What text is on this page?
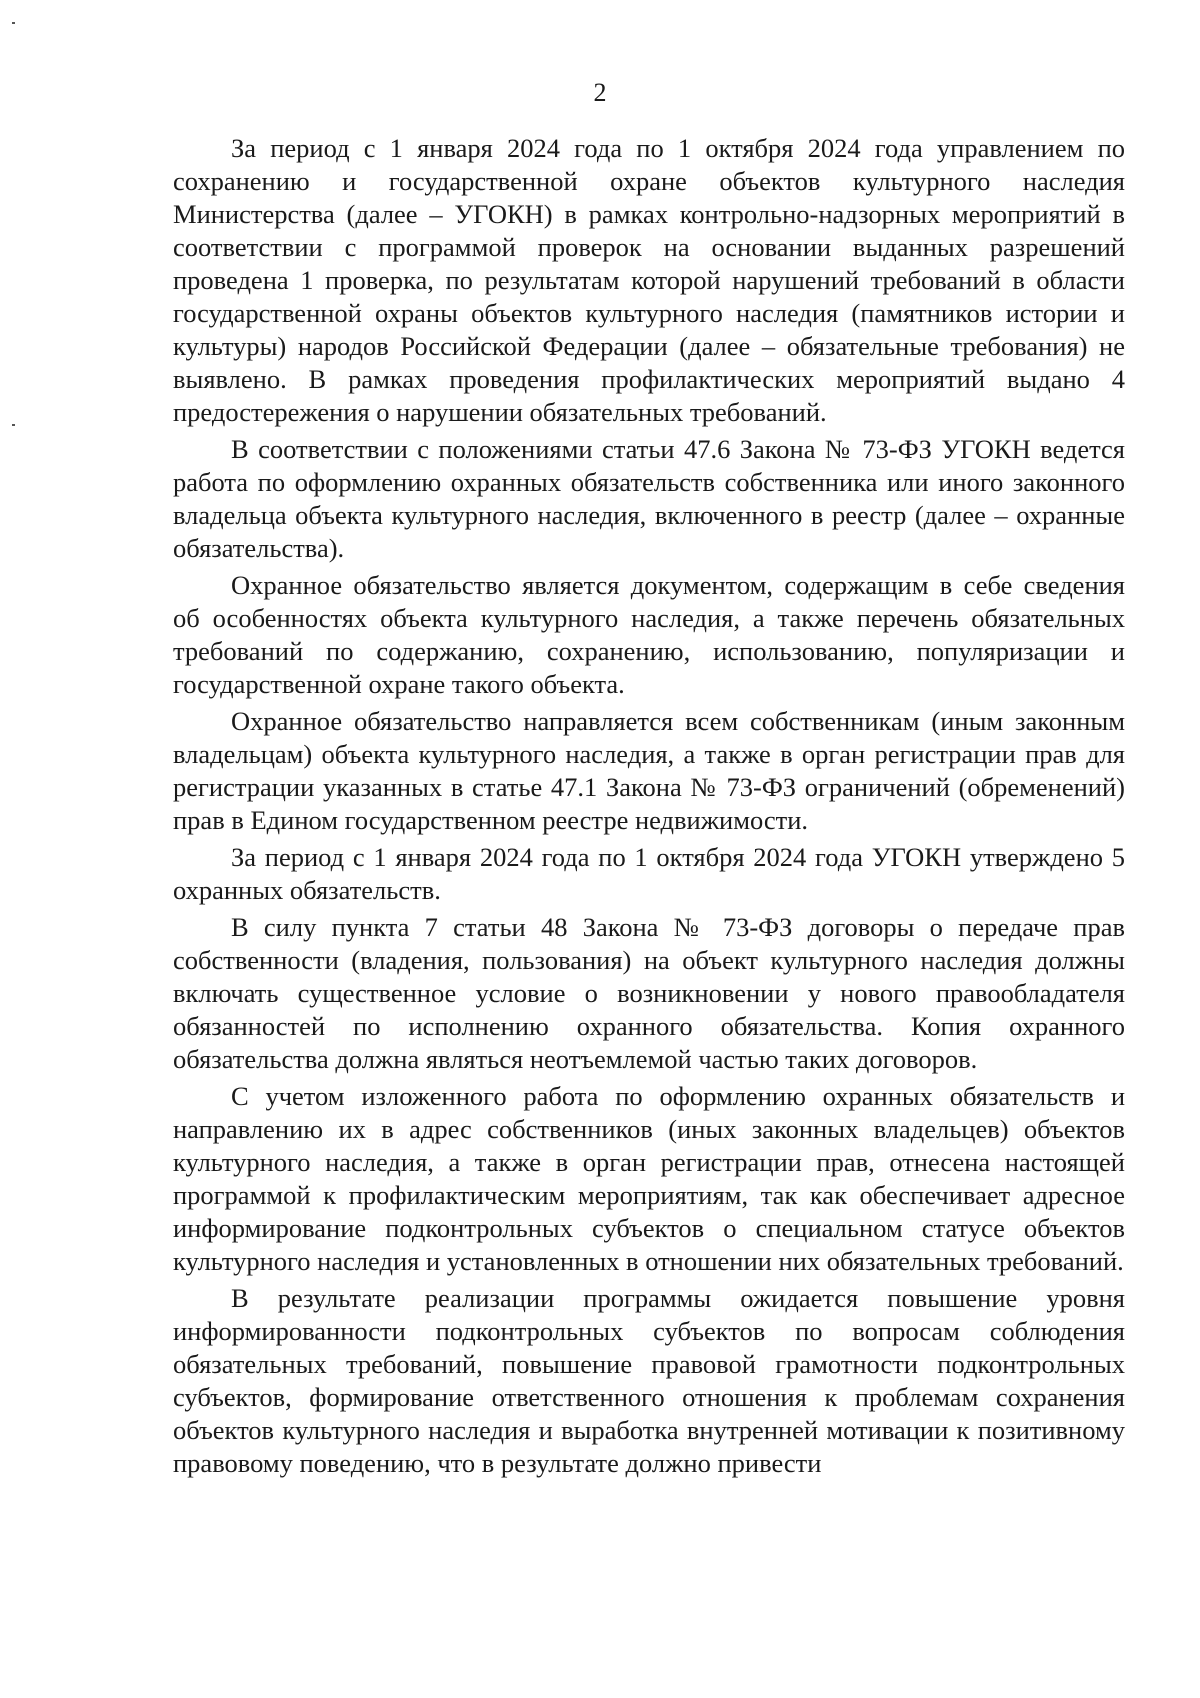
2

За период с 1 января 2024 года по 1 октября 2024 года управлением по сохранению и государственной охране объектов культурного наследия Министерства (далее – УГОКН) в рамках контрольно-надзорных мероприятий в соответствии с программой проверок на основании выданных разрешений проведена 1 проверка, по результатам которой нарушений требований в области государственной охраны объектов культурного наследия (памятников истории и культуры) народов Российской Федерации (далее – обязательные требования) не выявлено. В рамках проведения профилактических мероприятий выдано 4 предостережения о нарушении обязательных требований.

В соответствии с положениями статьи 47.6 Закона № 73-ФЗ УГОКН ведется работа по оформлению охранных обязательств собственника или иного законного владельца объекта культурного наследия, включенного в реестр (далее – охранные обязательства).

Охранное обязательство является документом, содержащим в себе сведения об особенностях объекта культурного наследия, а также перечень обязательных требований по содержанию, сохранению, использованию, популяризации и государственной охране такого объекта.

Охранное обязательство направляется всем собственникам (иным законным владельцам) объекта культурного наследия, а также в орган регистрации прав для регистрации указанных в статье 47.1 Закона № 73-ФЗ ограничений (обременений) прав в Едином государственном реестре недвижимости.

За период с 1 января 2024 года по 1 октября 2024 года УГОКН утверждено 5 охранных обязательств.

В силу пункта 7 статьи 48 Закона № 73-ФЗ договоры о передаче прав собственности (владения, пользования) на объект культурного наследия должны включать существенное условие о возникновении у нового правообладателя обязанностей по исполнению охранного обязательства. Копия охранного обязательства должна являться неотъемлемой частью таких договоров.

С учетом изложенного работа по оформлению охранных обязательств и направлению их в адрес собственников (иных законных владельцев) объектов культурного наследия, а также в орган регистрации прав, отнесена настоящей программой к профилактическим мероприятиям, так как обеспечивает адресное информирование подконтрольных субъектов о специальном статусе объектов культурного наследия и установленных в отношении них обязательных требований.

В результате реализации программы ожидается повышение уровня информированности подконтрольных субъектов по вопросам соблюдения обязательных требований, повышение правовой грамотности подконтрольных субъектов, формирование ответственного отношения к проблемам сохранения объектов культурного наследия и выработка внутренней мотивации к позитивному правовому поведению, что в результате должно привести
